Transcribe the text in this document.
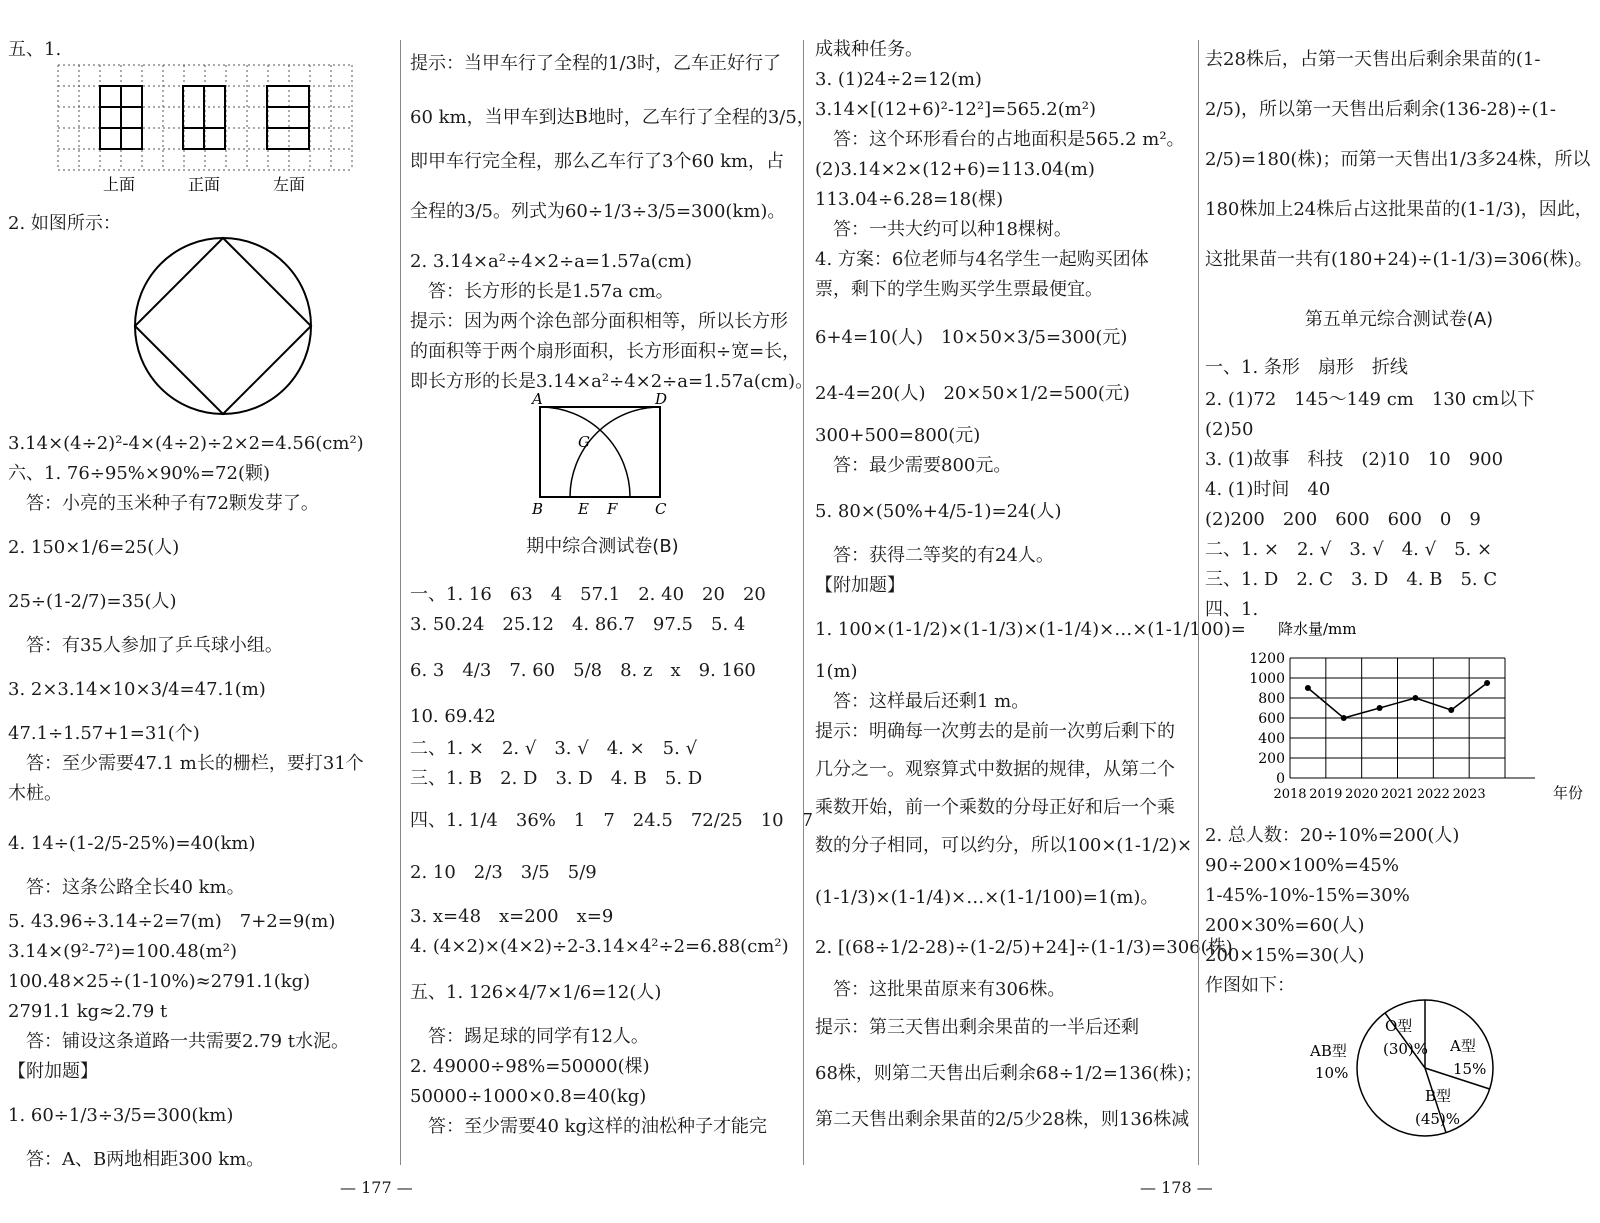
五、1.
上面	正面	左面
2. 如图所示：
3.14×(4÷2)²-4×(4÷2)÷2×2=4.56(cm²)
六、1. 76÷95%×90%=72(颗)
　答：小亮的玉米种子有72颗发芽了。
2. 150×1/6=25(人)
25÷(1-2/7)=35(人)
　答：有35人参加了乒乓球小组。
3. 2×3.14×10×3/4=47.1(m)
47.1÷1.57+1=31(个)
　答：至少需要47.1 m长的栅栏，要打31个
木桩。
4. 14÷(1-2/5-25%)=40(km)
　答：这条公路全长40 km。
5. 43.96÷3.14÷2=7(m)　7+2=9(m)
3.14×(9²-7²)=100.48(m²)
100.48×25÷(1-10%)≈2791.1(kg)
2791.1 kg≈2.79 t
　答：铺设这条道路一共需要2.79 t水泥。
【附加题】
1. 60÷1/3÷3/5=300(km)
　答：A、B两地相距300 km。
提示：当甲车行了全程的1/3时，乙车正好行了
60 km，当甲车到达B地时，乙车行了全程的3/5，
即甲车行完全程，那么乙车行了3个60 km，占
全程的3/5。列式为60÷1/3÷3/5=300(km)。
2. 3.14×a²÷4×2÷a=1.57a(cm)
　答：长方形的长是1.57a cm。
提示：因为两个涂色部分面积相等，所以长方形
的面积等于两个扇形面积，长方形面积÷宽=长，
即长方形的长是3.14×a²÷4×2÷a=1.57a(cm)。
A	D
G
B E F	C
期中综合测试卷(B)
一、1. 16　63　4　57.1　2. 40　20　20
3. 50.24　25.12　4. 86.7　97.5　5. 4
6. 3　4/3　7. 60　5/8　8. z　x　9. 160
10. 69.42
二、1. ×　2. √　3. √　4. ×　5. √
三、1. B　2. D　3. D　4. B　5. D
四、1. 1/4　36%　1　7　24.5　72/25　10　7
2. 10　2/3　3/5　5/9
3. x=48　x=200　x=9
4. (4×2)×(4×2)÷2-3.14×4²÷2=6.88(cm²)
五、1. 126×4/7×1/6=12(人)
　答：踢足球的同学有12人。
2. 49000÷98%=50000(棵)
50000÷1000×0.8=40(kg)
　答：至少需要40 kg这样的油松种子才能完
成栽种任务。
3. (1)24÷2=12(m)
3.14×[(12+6)²-12²]=565.2(m²)
　答：这个环形看台的占地面积是565.2 m²。
(2)3.14×2×(12+6)=113.04(m)
113.04÷6.28=18(棵)
　答：一共大约可以种18棵树。
4. 方案：6位老师与4名学生一起购买团体
票，剩下的学生购买学生票最便宜。
6+4=10(人)　10×50×3/5=300(元)
24-4=20(人)　20×50×1/2=500(元)
300+500=800(元)
　答：最少需要800元。
5. 80×(50%+4/5-1)=24(人)
　答：获得二等奖的有24人。
【附加题】
1. 100×(1-1/2)×(1-1/3)×(1-1/4)×…×(1-1/100)=
1(m)
　答：这样最后还剩1 m。
提示：明确每一次剪去的是前一次剪后剩下的
几分之一。观察算式中数据的规律，从第二个
乘数开始，前一个乘数的分母正好和后一个乘
数的分子相同，可以约分，所以100×(1-1/2)×
(1-1/3)×(1-1/4)×…×(1-1/100)=1(m)。
2. [(68÷1/2-28)÷(1-2/5)+24]÷(1-1/3)=306(株)
　答：这批果苗原来有306株。
提示：第三天售出剩余果苗的一半后还剩
68株，则第二天售出后剩余68÷1/2=136(株)；
第二天售出剩余果苗的2/5少28株，则136株减
去28株后，占第一天售出后剩余果苗的(1-
2/5)，所以第一天售出后剩余(136-28)÷(1-
2/5)=180(株)；而第一天售出1/3多24株，所以
180株加上24株后占这批果苗的(1-1/3)，因此，
这批果苗一共有(180+24)÷(1-1/3)=306(株)。
第五单元综合测试卷(A)
一、1. 条形　扇形　折线
2. (1)72　145～149 cm　130 cm以下
(2)50
3. (1)故事　科技　(2)10　10　900
4. (1)时间　40
(2)200　200　600　600　0　9
二、1. ×　2. √　3. √　4. √　5. ×
三、1. D　2. C　3. D　4. B　5. C
四、1.
降水量/mm
0
200
400
600
800
1000
1200
2018 2019 2020 2021 2022 2023	年份
2. 总人数：20÷10%=200(人)
90÷200×100%=45%
1-45%-10%-15%=30%
200×30%=60(人)
200×15%=30(人)
作图如下：
O型
(30)% A型
15%
AB型
10%
B型
(45)%
— 177 —	— 178 —
